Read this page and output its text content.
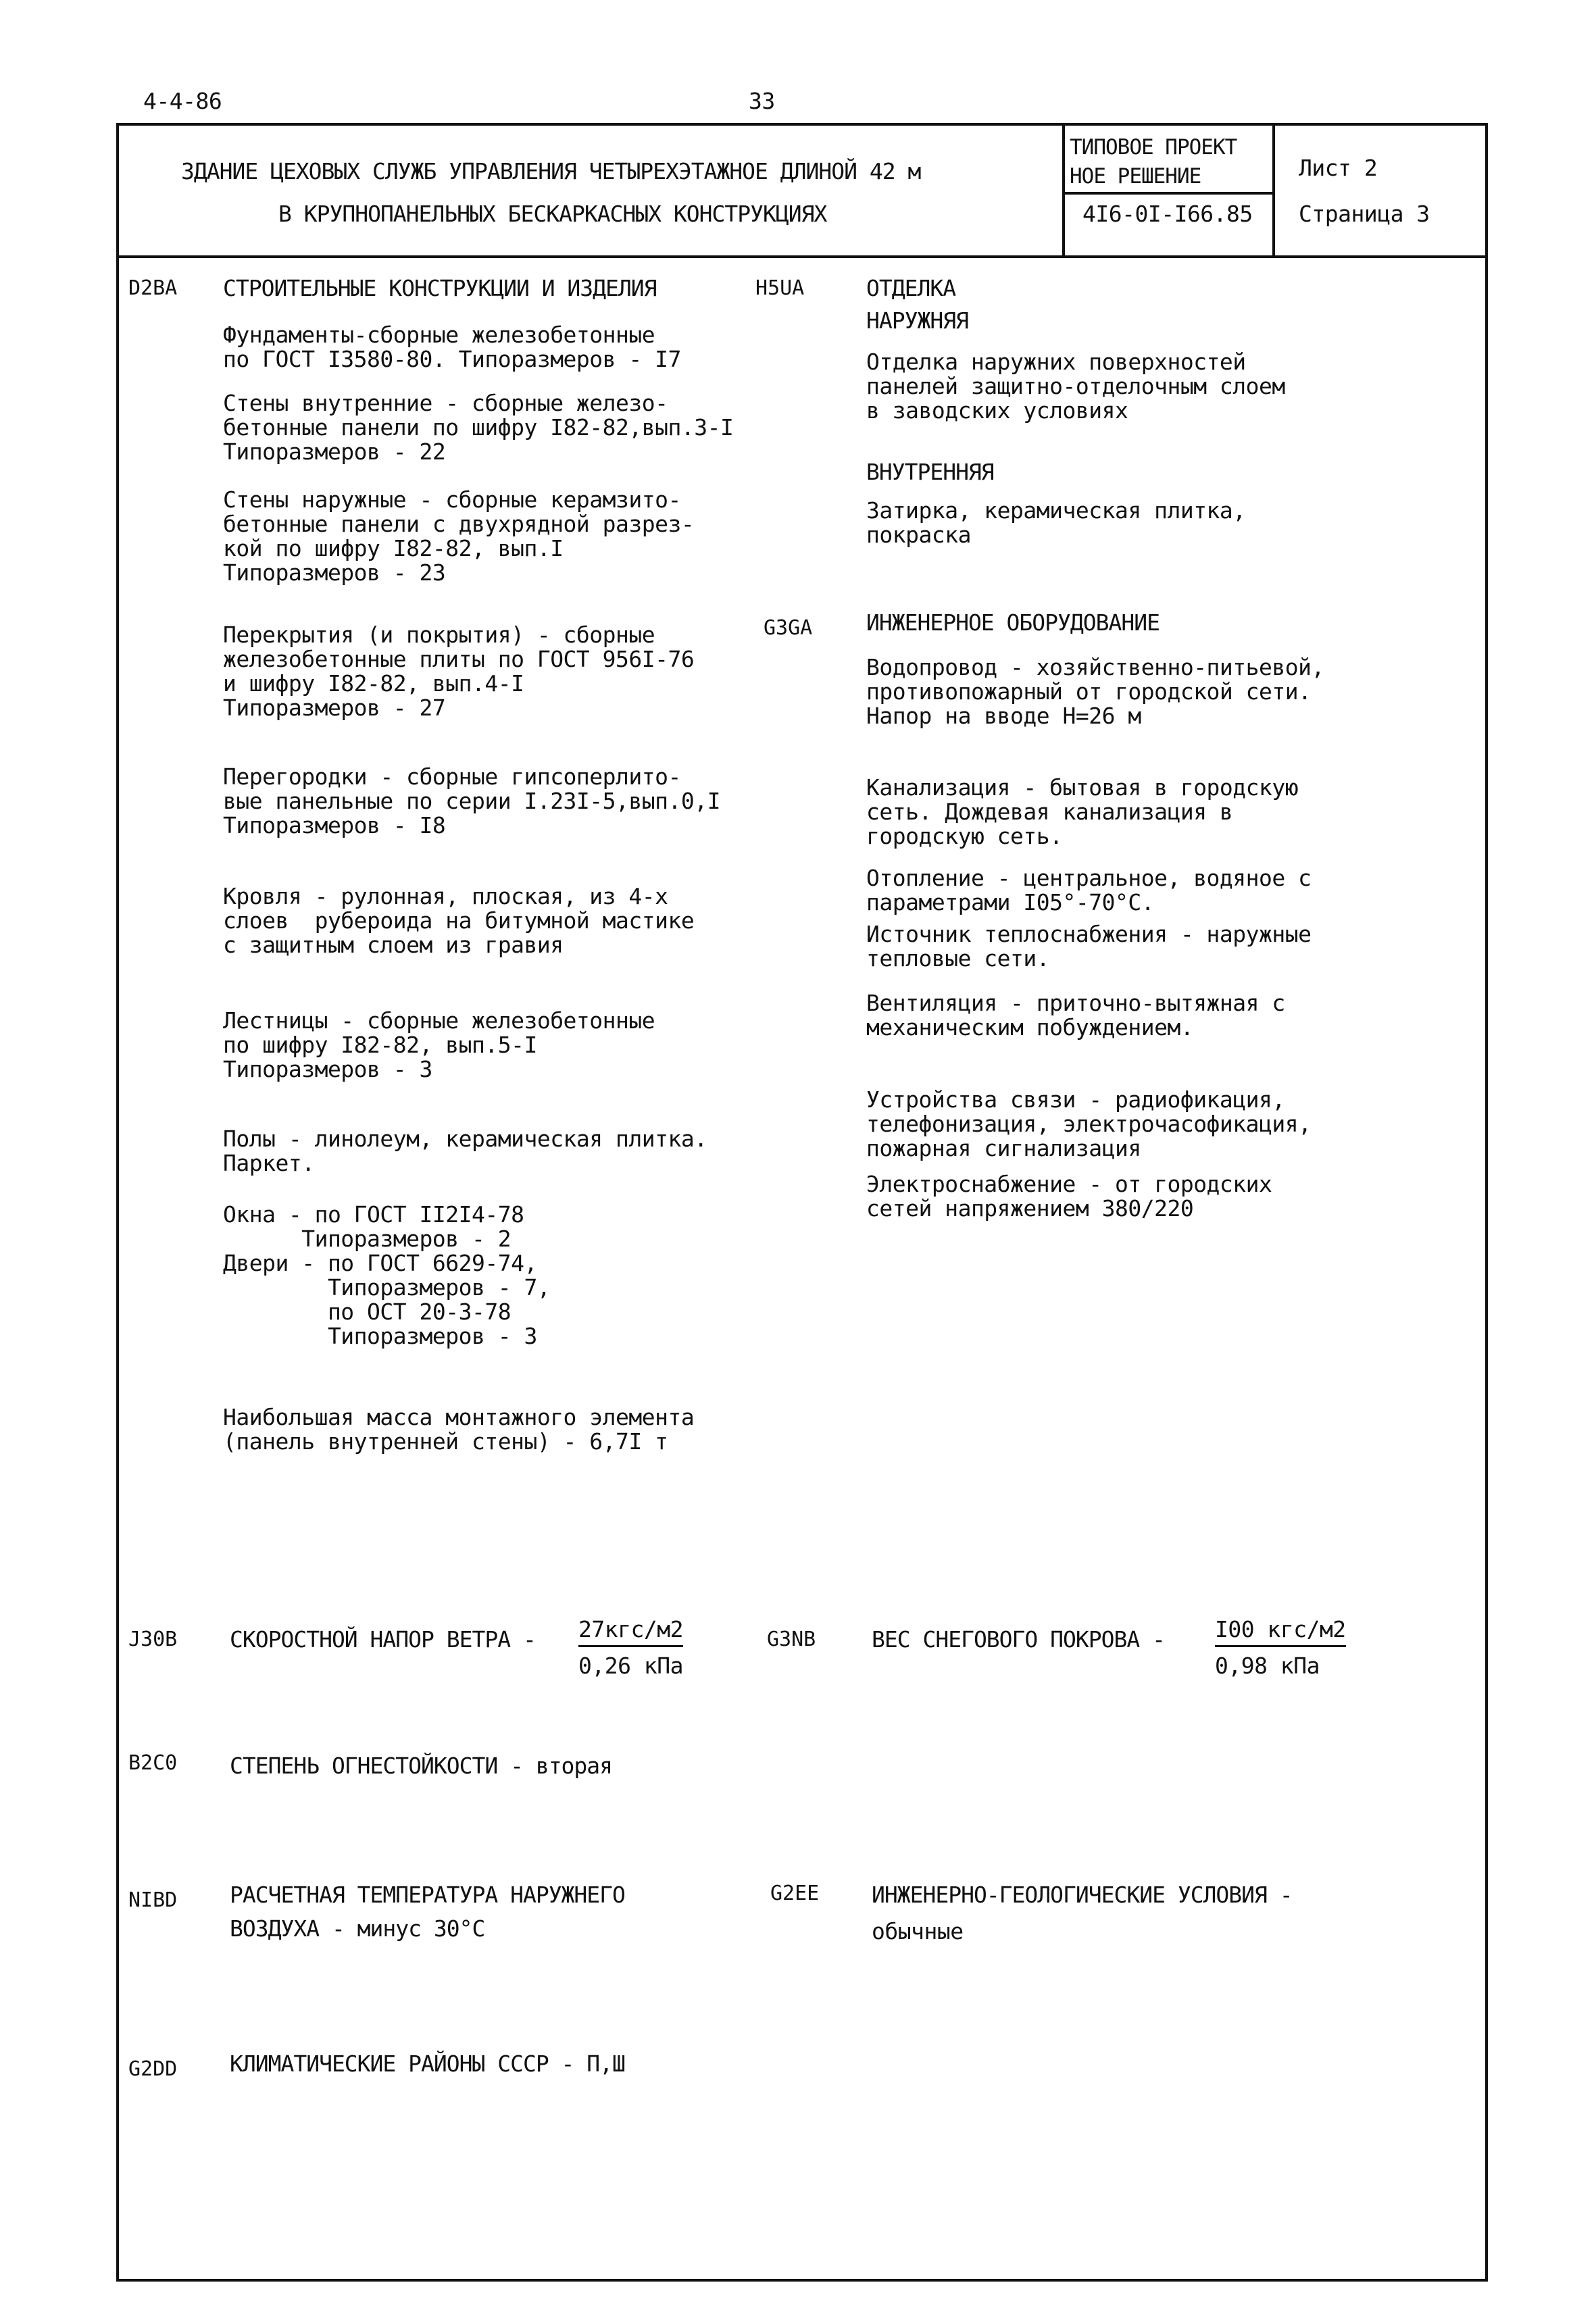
4-4-86	33
ЗДАНИЕ ЦЕХОВЫХ СЛУЖБ УПРАВЛЕНИЯ ЧЕТЫРЕХЭТАЖНОЕ ДЛИНОЙ 42 м
В КРУПНОПАНЕЛЬНЫХ БЕСКАРКАСНЫХ КОНСТРУКЦИЯХ
ТИПОВОЕ ПРОЕКТ
НОЕ РЕШЕНИЕ
4I6-0I-I66.85
Лист 2
Страница 3
D2BA СТРОИТЕЛЬНЫЕ КОНСТРУКЦИИ И ИЗДЕЛИЯ
Фундаменты-сборные железобетонные
по ГОСТ I3580-80. Типоразмеров - I7
Стены внутренние - сборные железо-
бетонные панели по шифру I82-82,вып.3-I
Типоразмеров - 22
Стены наружные - сборные керамзито-
бетонные панели с двухрядной разрез-
кой по шифру I82-82, вып.I
Типоразмеров - 23
Перекрытия (и покрытия) - сборные
железобетонные плиты по ГОСТ 956I-76
и шифру I82-82, вып.4-I
Типоразмеров - 27
Перегородки - сборные гипсоперлито-
вые панельные по серии I.23I-5,вып.0,I
Типоразмеров - I8
Кровля - рулонная, плоская, из 4-х
слоев  рубероида на битумной мастике
с защитным слоем из гравия
Лестницы - сборные железобетонные
по шифру I82-82, вып.5-I
Типоразмеров - 3
Полы - линолеум, керамическая плитка.
Паркет.
Окна - по ГОСТ II2I4-78
Типоразмеров - 2
Двери - по ГОСТ 6629-74,
Типоразмеров - 7,
по ОСТ 20-3-78
Типоразмеров - 3
Наибольшая масса монтажного элемента
(панель внутренней стены) - 6,7I т
H5UA	ОТДЕЛКА
НАРУЖНЯЯ
Отделка наружних поверхностей
панелей защитно-отделочным слоем
в заводских условиях
ВНУТРЕННЯЯ
Затирка, керамическая плитка,
покраска
G3GA ИНЖЕНЕРНОЕ ОБОРУДОВАНИЕ
Водопровод - хозяйственно-питьевой,
противопожарный от городской сети.
Напор на вводе Н=26 м
Канализация - бытовая в городскую
сеть. Дождевая канализация в
городскую сеть.
Отопление - центральное, водяное с
параметрами I05°-70°С.
Источник теплоснабжения - наружные
тепловые сети.
Вентиляция - приточно-вытяжная с
механическим побуждением.
Устройства связи - радиофикация,
телефонизация, электрочасофикация,
пожарная сигнализация
Электроснабжение - от городских
сетей напряжением 380/220
J30B СКОРОСТНОЙ НАПОР ВЕТРА - 27кгс/м2
0,26 кПа
G3NB	ВЕС СНЕГОВОГО ПОКРОВА - I00 кгс/м2
0,98 кПа
B2C0 СТЕПЕНЬ ОГНЕСТОЙКОСТИ - вторая
NIBD РАСЧЕТНАЯ ТЕМПЕРАТУРА НАРУЖНЕГО
ВОЗДУХА - минус 30°С
G2EE ИНЖЕНЕРНО-ГЕОЛОГИЧЕСКИЕ УСЛОВИЯ -
обычные
G2DD КЛИМАТИЧЕСКИЕ РАЙОНЫ СССР - П,Ш
